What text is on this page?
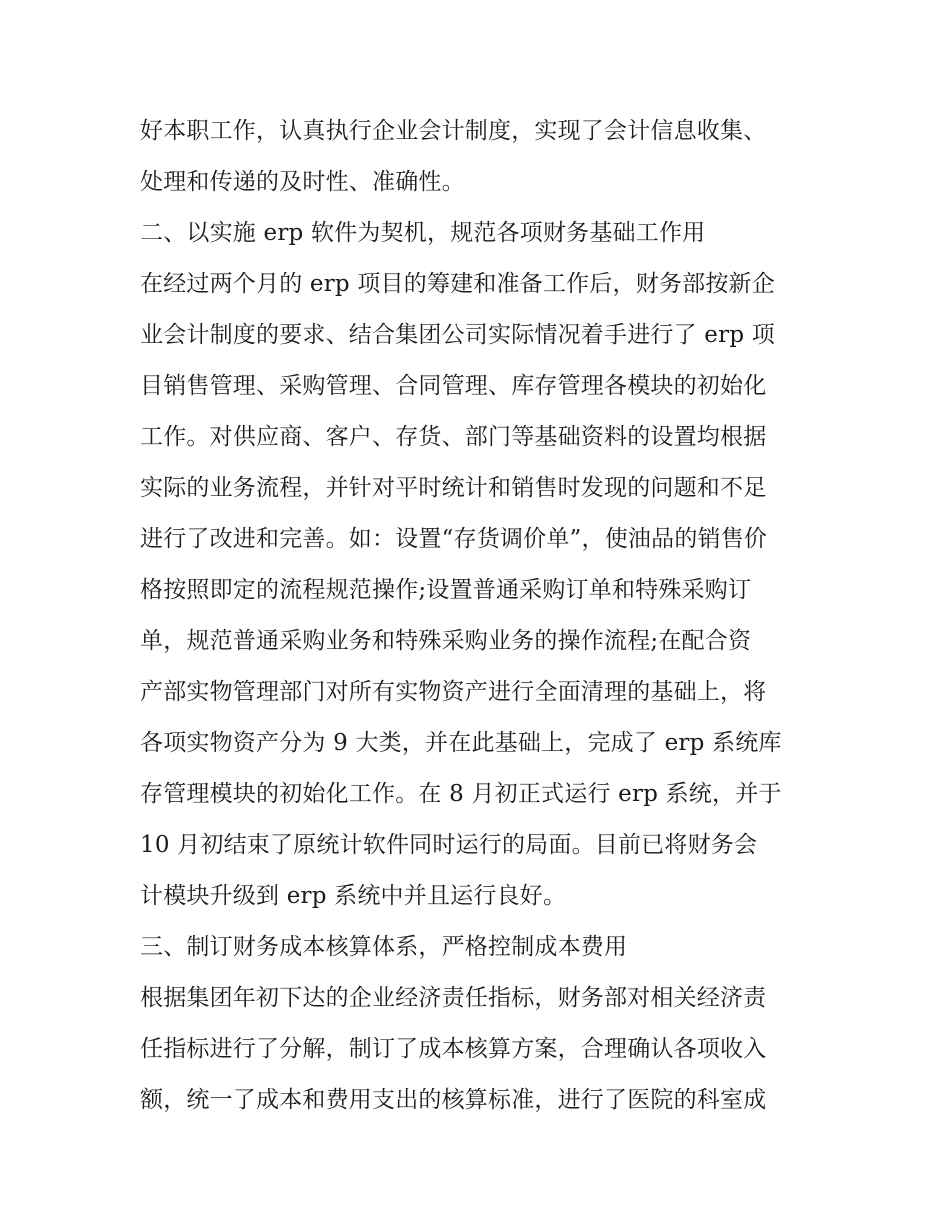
好本职工作，认真执行企业会计制度，实现了会计信息收集、
处理和传递的及时性、准确性。
二、以实施 erp 软件为契机，规范各项财务基础工作用
在经过两个月的 erp 项目的筹建和准备工作后，财务部按新企
业会计制度的要求、结合集团公司实际情况着手进行了 erp 项
目销售管理、采购管理、合同管理、库存管理各模块的初始化
工作。对供应商、客户、存货、部门等基础资料的设置均根据
实际的业务流程，并针对平时统计和销售时发现的问题和不足
进行了改进和完善。如：设置“存货调价单”，使油品的销售价
格按照即定的流程规范操作;设置普通采购订单和特殊采购订
单，规范普通采购业务和特殊采购业务的操作流程;在配合资
产部实物管理部门对所有实物资产进行全面清理的基础上，将
各项实物资产分为 9 大类，并在此基础上，完成了 erp 系统库
存管理模块的初始化工作。在 8 月初正式运行 erp 系统，并于
10 月初结束了原统计软件同时运行的局面。目前已将财务会
计模块升级到 erp 系统中并且运行良好。
三、制订财务成本核算体系，严格控制成本费用
根据集团年初下达的企业经济责任指标，财务部对相关经济责
任指标进行了分解，制订了成本核算方案，合理确认各项收入
额，统一了成本和费用支出的核算标准，进行了医院的科室成
